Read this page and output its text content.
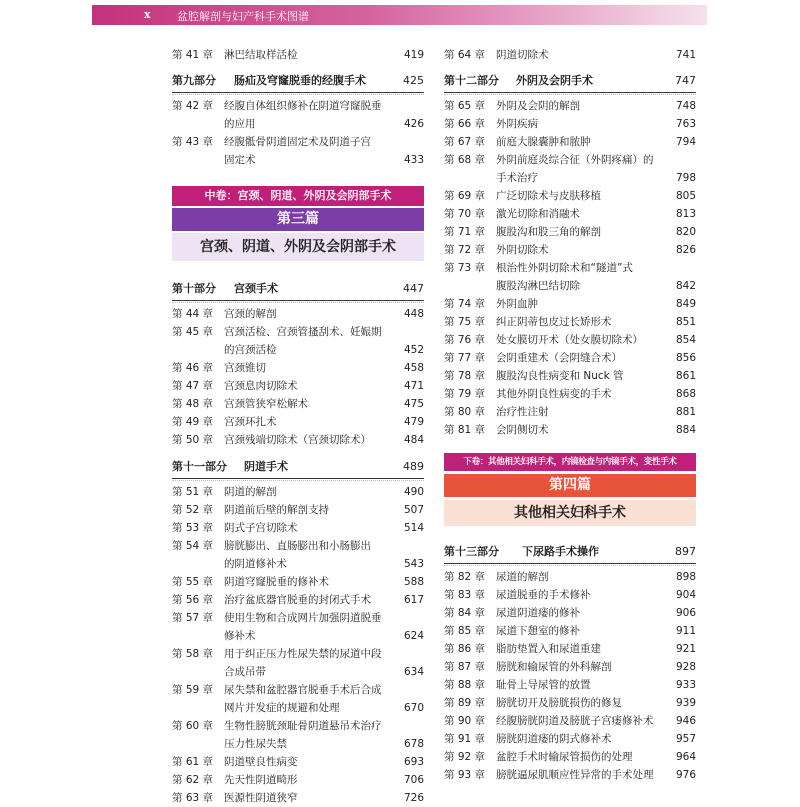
x 盆腔解剖与妇产科手术图谱
第 41 章	淋巴结取样活检	419
第九部分 肠疝及穹窿脱垂的经腹手术	425
第 42 章	经腹自体组织修补在阴道穹窿脱垂
的应用	426
第 43 章	经腹骶骨阴道固定术及阴道子宫
固定术	433
中卷：宫颈、阴道、外阴及会阴部手术
第三篇
宫颈、阴道、外阴及会阴部手术
第十部分 宫颈手术	447
第 44 章	宫颈的解剖	448
第 45 章	宫颈活检、宫颈管搔刮术、妊娠期
的宫颈活检	452
第 46 章	宫颈锥切	458
第 47 章	宫颈息肉切除术	471
第 48 章	宫颈管狭窄松解术	475
第 49 章	宫颈环扎术	479
第 50 章	宫颈残端切除术（宫颈切除术）	484
第十一部分 阴道手术	489
第 51 章	阴道的解剖	490
第 52 章	阴道前后壁的解剖支持	507
第 53 章	阴式子宫切除术	514
第 54 章	膀胱膨出、直肠膨出和小肠膨出
的阴道修补术	543
第 55 章	阴道穹窿脱垂的修补术	588
第 56 章	治疗盆底器官脱垂的封闭式手术	617
第 57 章	使用生物和合成网片加强阴道脱垂
修补术	624
第 58 章	用于纠正压力性尿失禁的尿道中段
合成吊带	634
第 59 章	尿失禁和盆腔器官脱垂手术后合成
网片并发症的规避和处理	670
第 60 章	生物性膀胱颈耻骨阴道悬吊术治疗
压力性尿失禁	678
第 61 章	阴道壁良性病变	693
第 62 章	先天性阴道畸形	706
第 63 章	医源性阴道狭窄	726
第 64 章	阴道切除术	741
第十二部分 外阴及会阴手术	747
第 65 章	外阴及会阴的解剖	748
第 66 章	外阴疾病	763
第 67 章	前庭大腺囊肿和脓肿	794
第 68 章	外阴前庭炎综合征（外阴疼痛）的
手术治疗	798
第 69 章	广泛切除术与皮肤移植	805
第 70 章	激光切除和消融术	813
第 71 章	腹股沟和股三角的解剖	820
第 72 章	外阴切除术	826
第 73 章	根治性外阴切除术和“隧道”式
腹股沟淋巴结切除	842
第 74 章	外阴血肿	849
第 75 章	纠正阴蒂包皮过长矫形术	851
第 76 章	处女膜切开术（处女膜切除术）	854
第 77 章	会阴重建术（会阴缝合术）	856
第 78 章	腹股沟良性病变和 Nuck 管	861
第 79 章	其他外阴良性病变的手术	868
第 80 章	治疗性注射	881
第 81 章	会阴侧切术	884
下卷：其他相关妇科手术，内镜检查与内镜手术，变性手术
第四篇
其他相关妇科手术
第十三部分 下尿路手术操作	897
第 82 章	尿道的解剖	898
第 83 章	尿道脱垂的手术修补	904
第 84 章	尿道阴道瘘的修补	906
第 85 章	尿道下憩室的修补	911
第 86 章	脂肪垫置入和尿道重建	921
第 87 章	膀胱和输尿管的外科解剖	928
第 88 章	耻骨上导尿管的放置	933
第 89 章	膀胱切开及膀胱损伤的修复	939
第 90 章	经腹膀胱阴道及膀胱子宫瘘修补术	946
第 91 章	膀胱阴道瘘的阴式修补术	957
第 92 章	盆腔手术时输尿管损伤的处理	964
第 93 章	膀胱逼尿肌顺应性异常的手术处理	976
